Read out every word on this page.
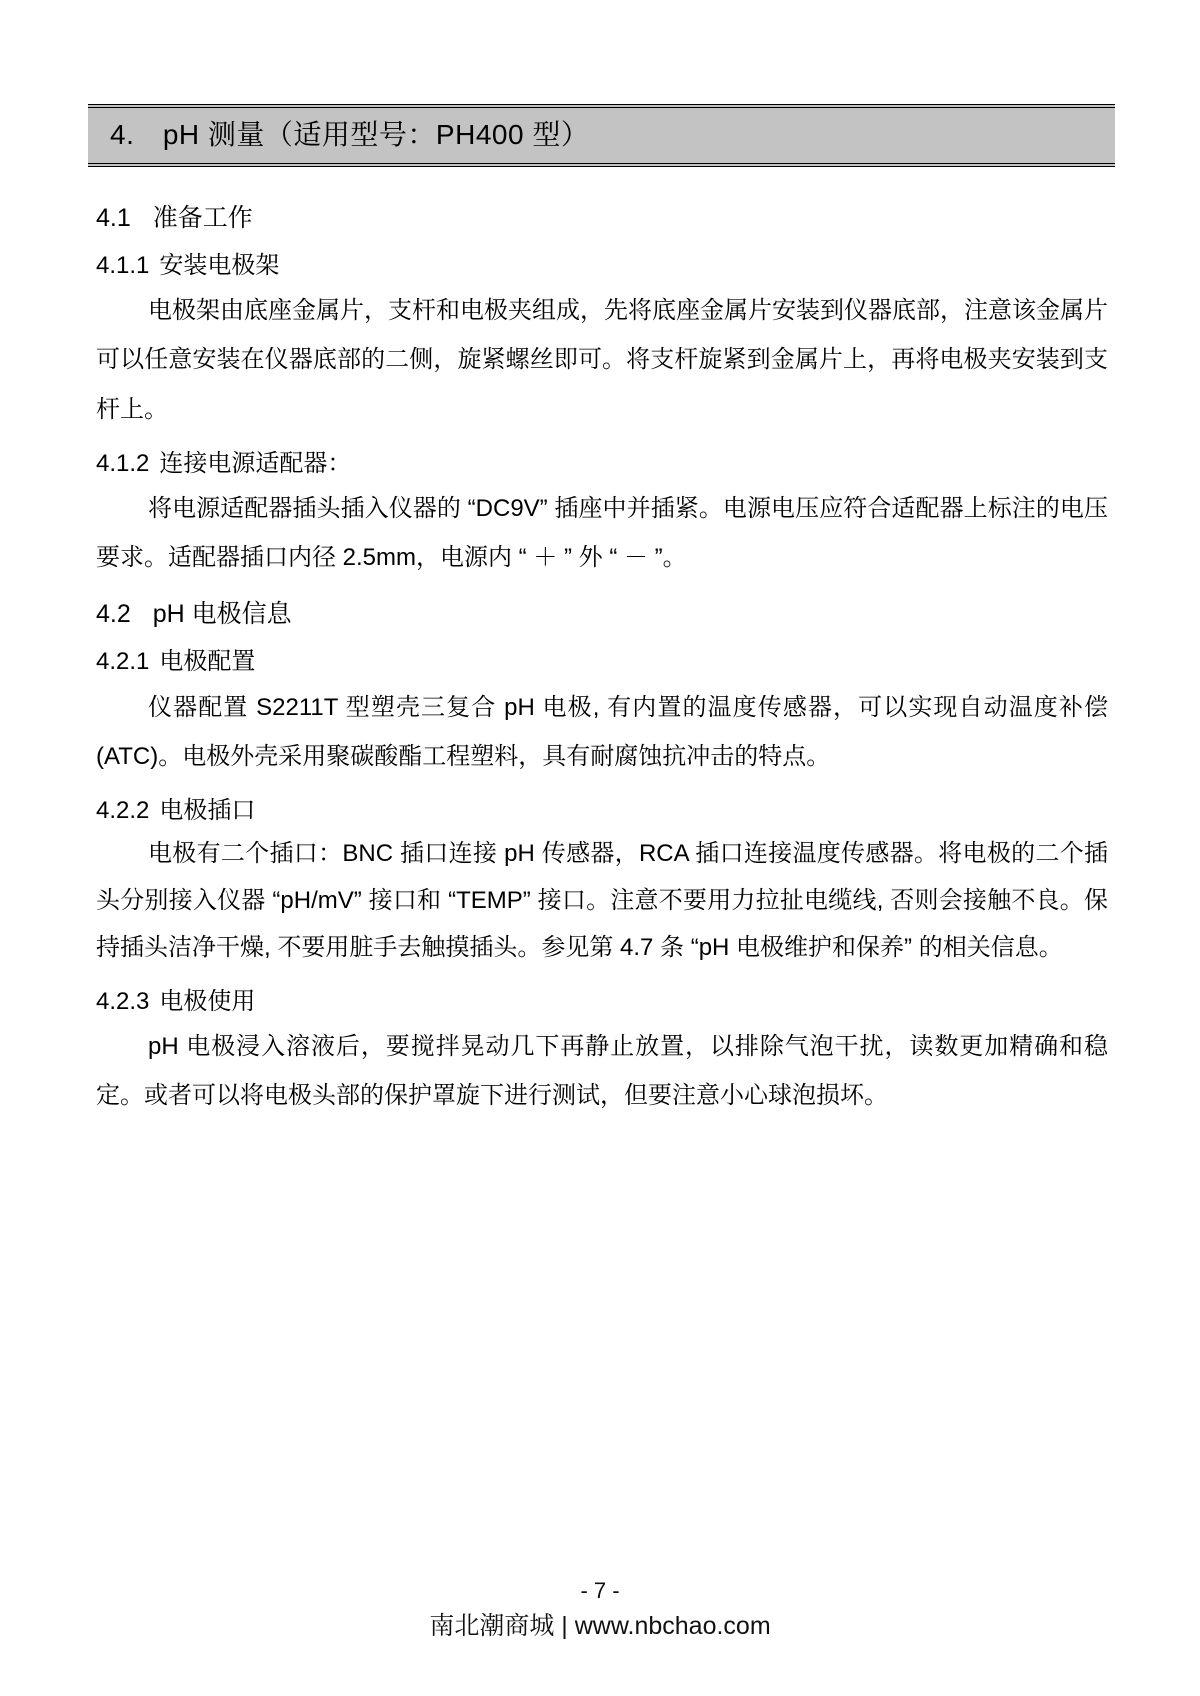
4.　pH 测量（适用型号：PH400 型）
4.1 准备工作
4.1.1 安装电极架

电极架由底座金属片，支杆和电极夹组成，先将底座金属片安装到仪器底部，注意该金属片可以任意安装在仪器底部的二侧，旋紧螺丝即可。将支杆旋紧到金属片上，再将电极夹安装到支杆上。

4.1.2 连接电源适配器：

将电源适配器插头插入仪器的 “DC9V” 插座中并插紧。电源电压应符合适配器上标注的电压要求。适配器插口内径 2.5mm，电源内 “ ＋ ” 外 “ － ”。

4.2 pH 电极信息
4.2.1 电极配置

仪器配置 S2211T 型塑壳三复合 pH 电极, 有内置的温度传感器，可以实现自动温度补偿(ATC)。电极外壳采用聚碳酸酯工程塑料，具有耐腐蚀抗冲击的特点。

4.2.2 电极插口

电极有二个插口：BNC 插口连接 pH 传感器，RCA 插口连接温度传感器。将电极的二个插头分别接入仪器 “pH/mV” 接口和 “TEMP” 接口。注意不要用力拉扯电缆线, 否则会接触不良。保持插头洁净干燥, 不要用脏手去触摸插头。参见第 4.7 条 “pH 电极维护和保养” 的相关信息。

4.2.3 电极使用

pH 电极浸入溶液后，要搅拌晃动几下再静止放置，以排除气泡干扰，读数更加精确和稳定。或者可以将电极头部的保护罩旋下进行测试，但要注意小心球泡损坏。

- 7 -
南北潮商城 | www.nbchao.com
